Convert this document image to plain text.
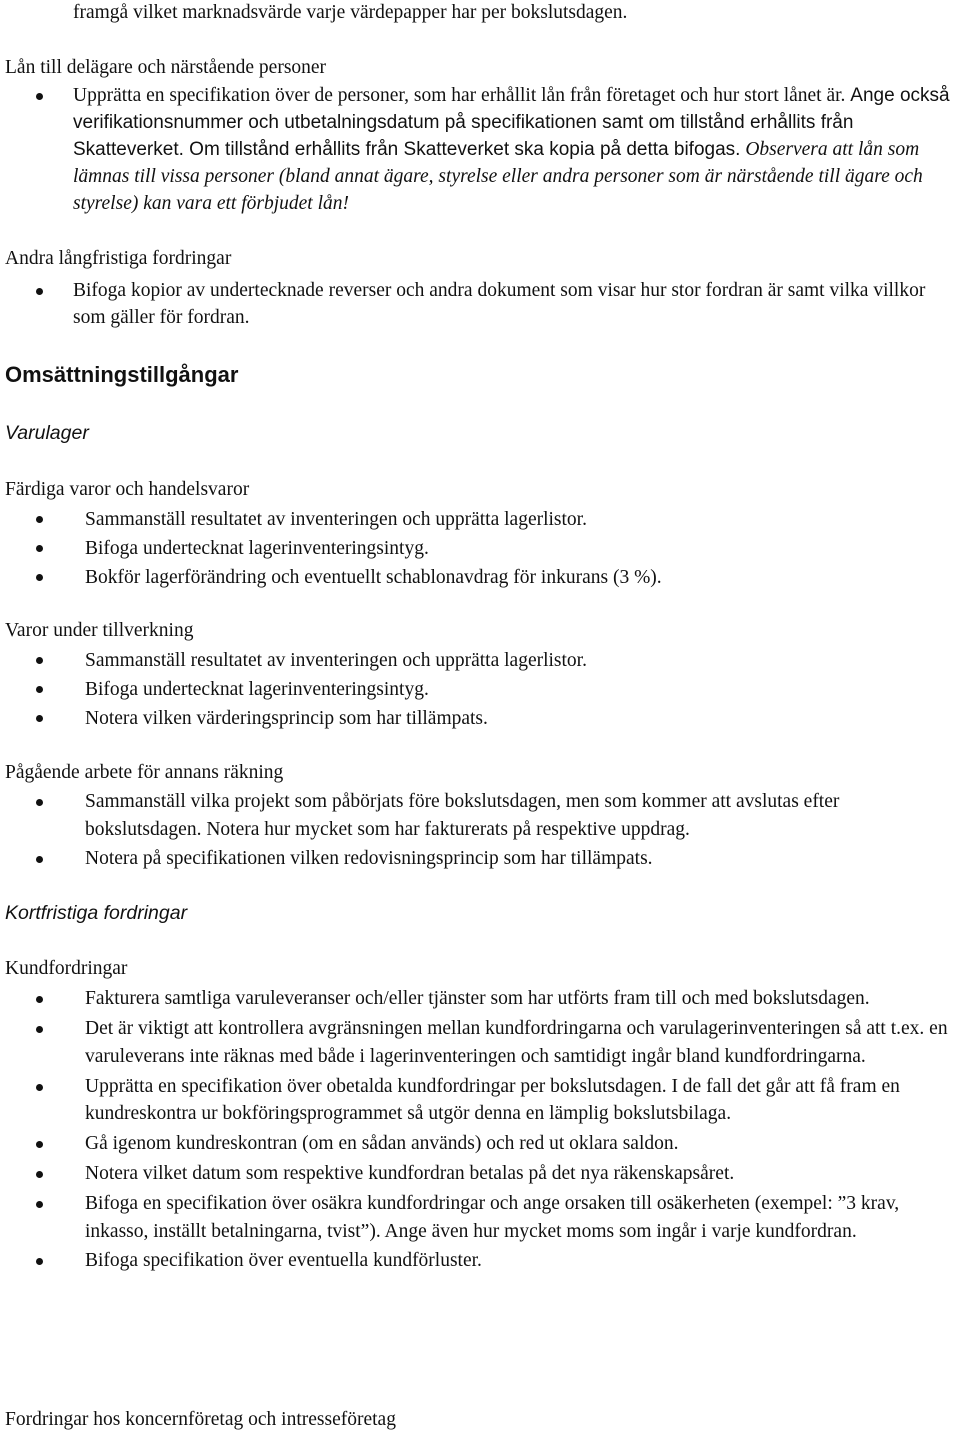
framgå vilket marknadsvärde varje värdepapper har per bokslutsdagen.

Lån till delägare och närstående personer

Upprätta en specifikation över de personer, som har erhållit lån från företaget och hur stort lånet är. Ange också verifikationsnummer och utbetalningsdatum på specifikationen samt om tillstånd erhållits från Skatteverket. Om tillstånd erhållits från Skatteverket ska kopia på detta bifogas. Observera att lån som lämnas till vissa personer (bland annat ägare, styrelse eller andra personer som är närstående till ägare och styrelse) kan vara ett förbjudet lån!

Andra långfristiga fordringar

Bifoga kopior av undertecknade reverser och andra dokument som visar hur stor fordran är samt vilka villkor som gäller för fordran.

Omsättningstillgångar

Varulager

Färdiga varor och handelsvaror

Sammanställ resultatet av inventeringen och upprätta lagerlistor.
Bifoga undertecknat lagerinventeringsintyg.
Bokför lagerförändring och eventuellt schablonavdrag för inkurans (3 %).

Varor under tillverkning

Sammanställ resultatet av inventeringen och upprätta lagerlistor.
Bifoga undertecknat lagerinventeringsintyg.
Notera vilken värderingsprincip som har tillämpats.

Pågående arbete för annans räkning

Sammanställ vilka projekt som påbörjats före bokslutsdagen, men som kommer att avslutas efter bokslutsdagen. Notera hur mycket som har fakturerats på respektive uppdrag.
Notera på specifikationen vilken redovisningsprincip som har tillämpats.

Kortfristiga fordringar

Kundfordringar

Fakturera samtliga varuleveranser och/eller tjänster som har utförts fram till och med bokslutsdagen.
Det är viktigt att kontrollera avgränsningen mellan kundfordringarna och varulagerinventeringen så att t.ex. en varuleverans inte räknas med både i lagerinventeringen och samtidigt ingår bland kundfordringarna.
Upprätta en specifikation över obetalda kundfordringar per bokslutsdagen. I de fall det går att få fram en kundreskontra ur bokföringsprogrammet så utgör denna en lämplig bokslutsbilaga.
Gå igenom kundreskontran (om en sådan används) och red ut oklara saldon.
Notera vilket datum som respektive kundfordran betalas på det nya räkenskapsåret.
Bifoga en specifikation över osäkra kundfordringar och ange orsaken till osäkerheten (exempel: ”3 krav, inkasso, inställt betalningarna, tvist”). Ange även hur mycket moms som ingår i varje kundfordran.
Bifoga specifikation över eventuella kundförluster.

Fordringar hos koncernföretag och intresseföretag
